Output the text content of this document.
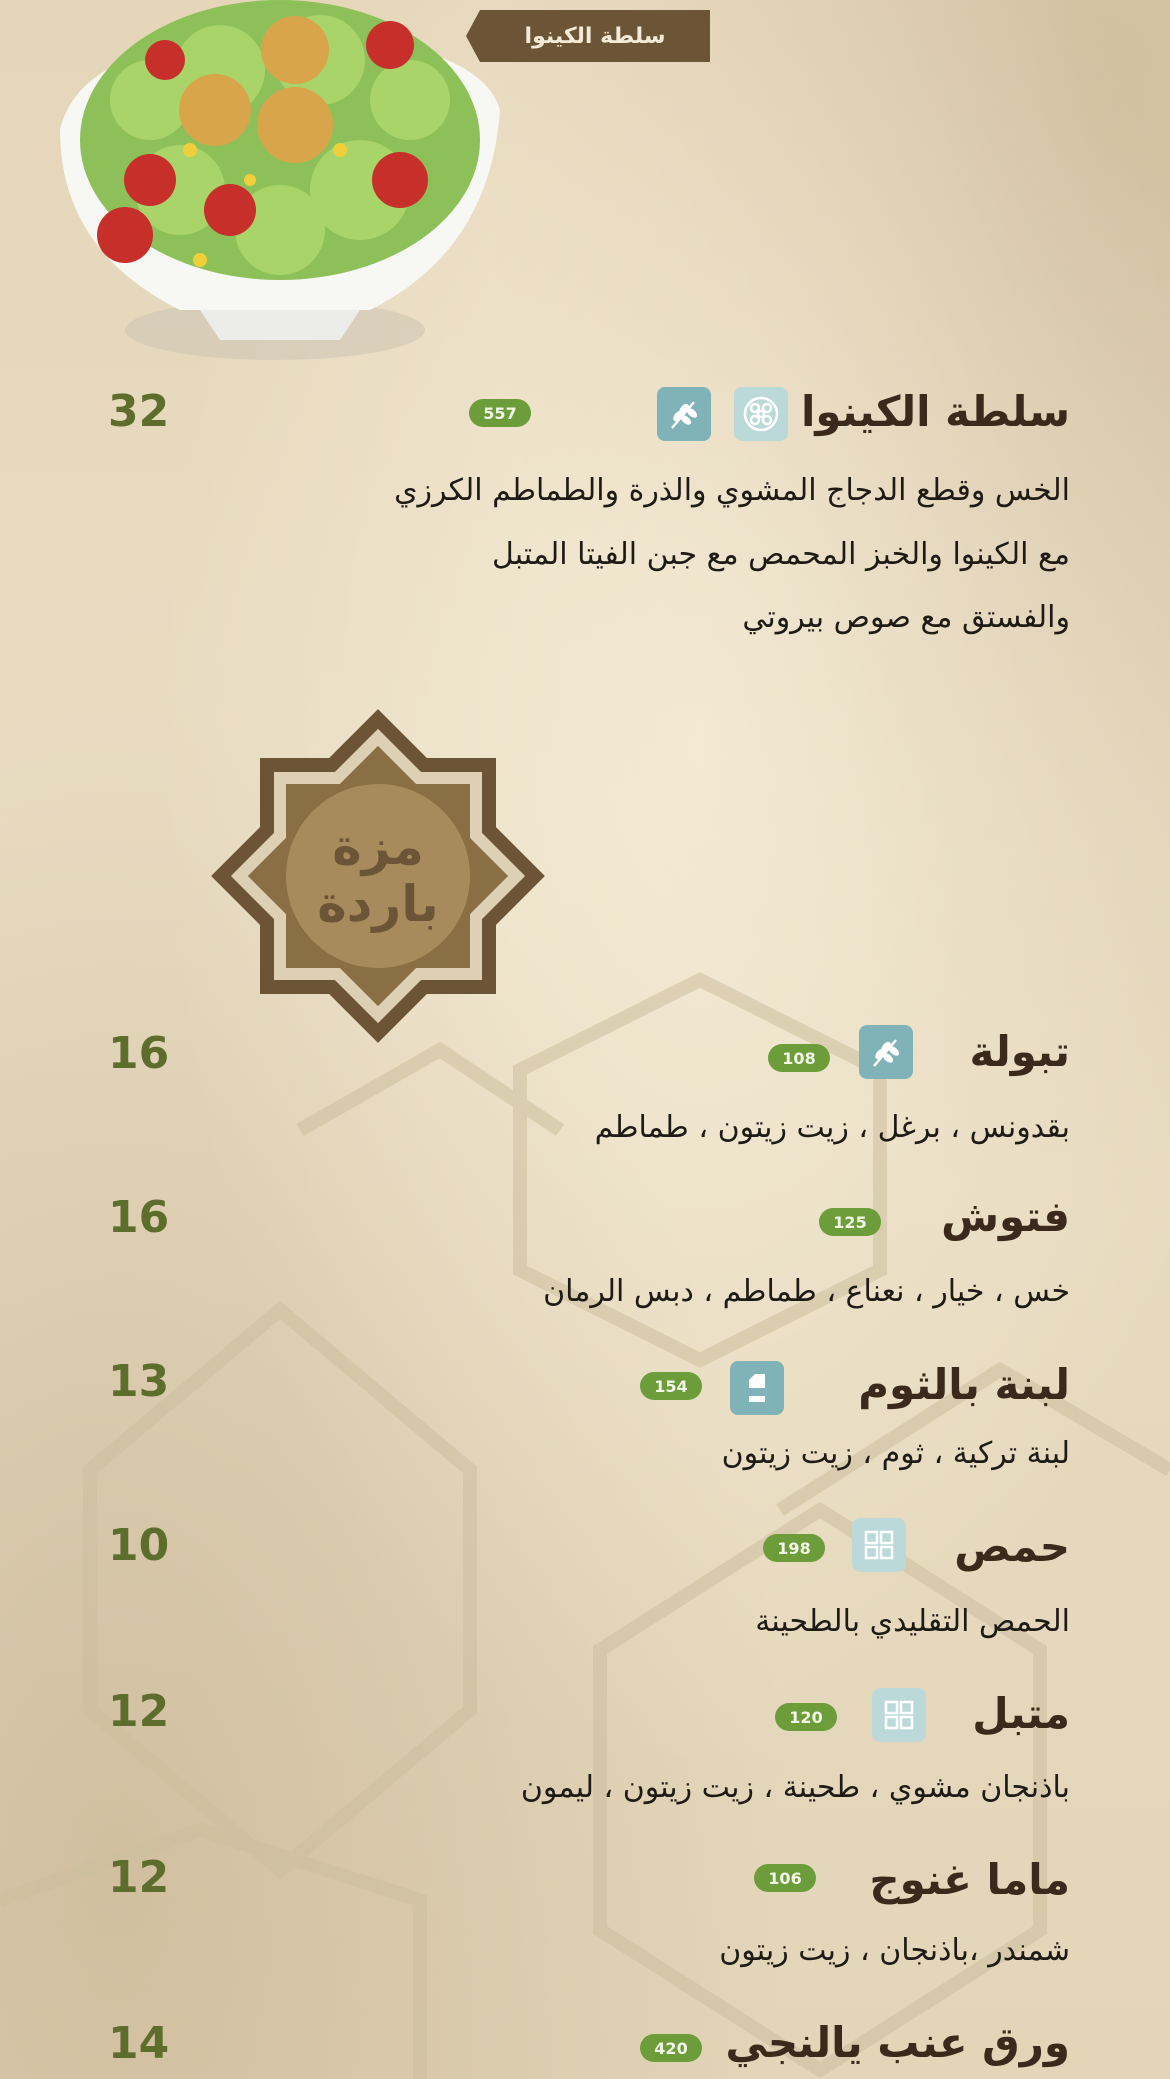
سلطة الكينوا
سلطة الكينوا
32	557
الخس وقطع الدجاج المشوي والذرة والطماطم الكرزي
مع الكينوا والخبز المحمص مع جبن الفيتا المتبل
والفستق مع صوص بيروتي
مزة
باردة
تبولة
16	108
بقدونس ، برغل ، زيت زيتون ، طماطم
فتوش
16	125
خس ، خيار ، نعناع ، طماطم ، دبس الرمان
لبنة بالثوم
13	154
لبنة تركية ، ثوم ، زيت زيتون
حمص
10	198
الحمص التقليدي بالطحينة
متبل
12	120
باذنجان مشوي ، طحينة ، زيت زيتون ، ليمون
ماما غنوج
12	106
شمندر ،باذنجان ، زيت زيتون
ورق عنب يالنجي
14	420
